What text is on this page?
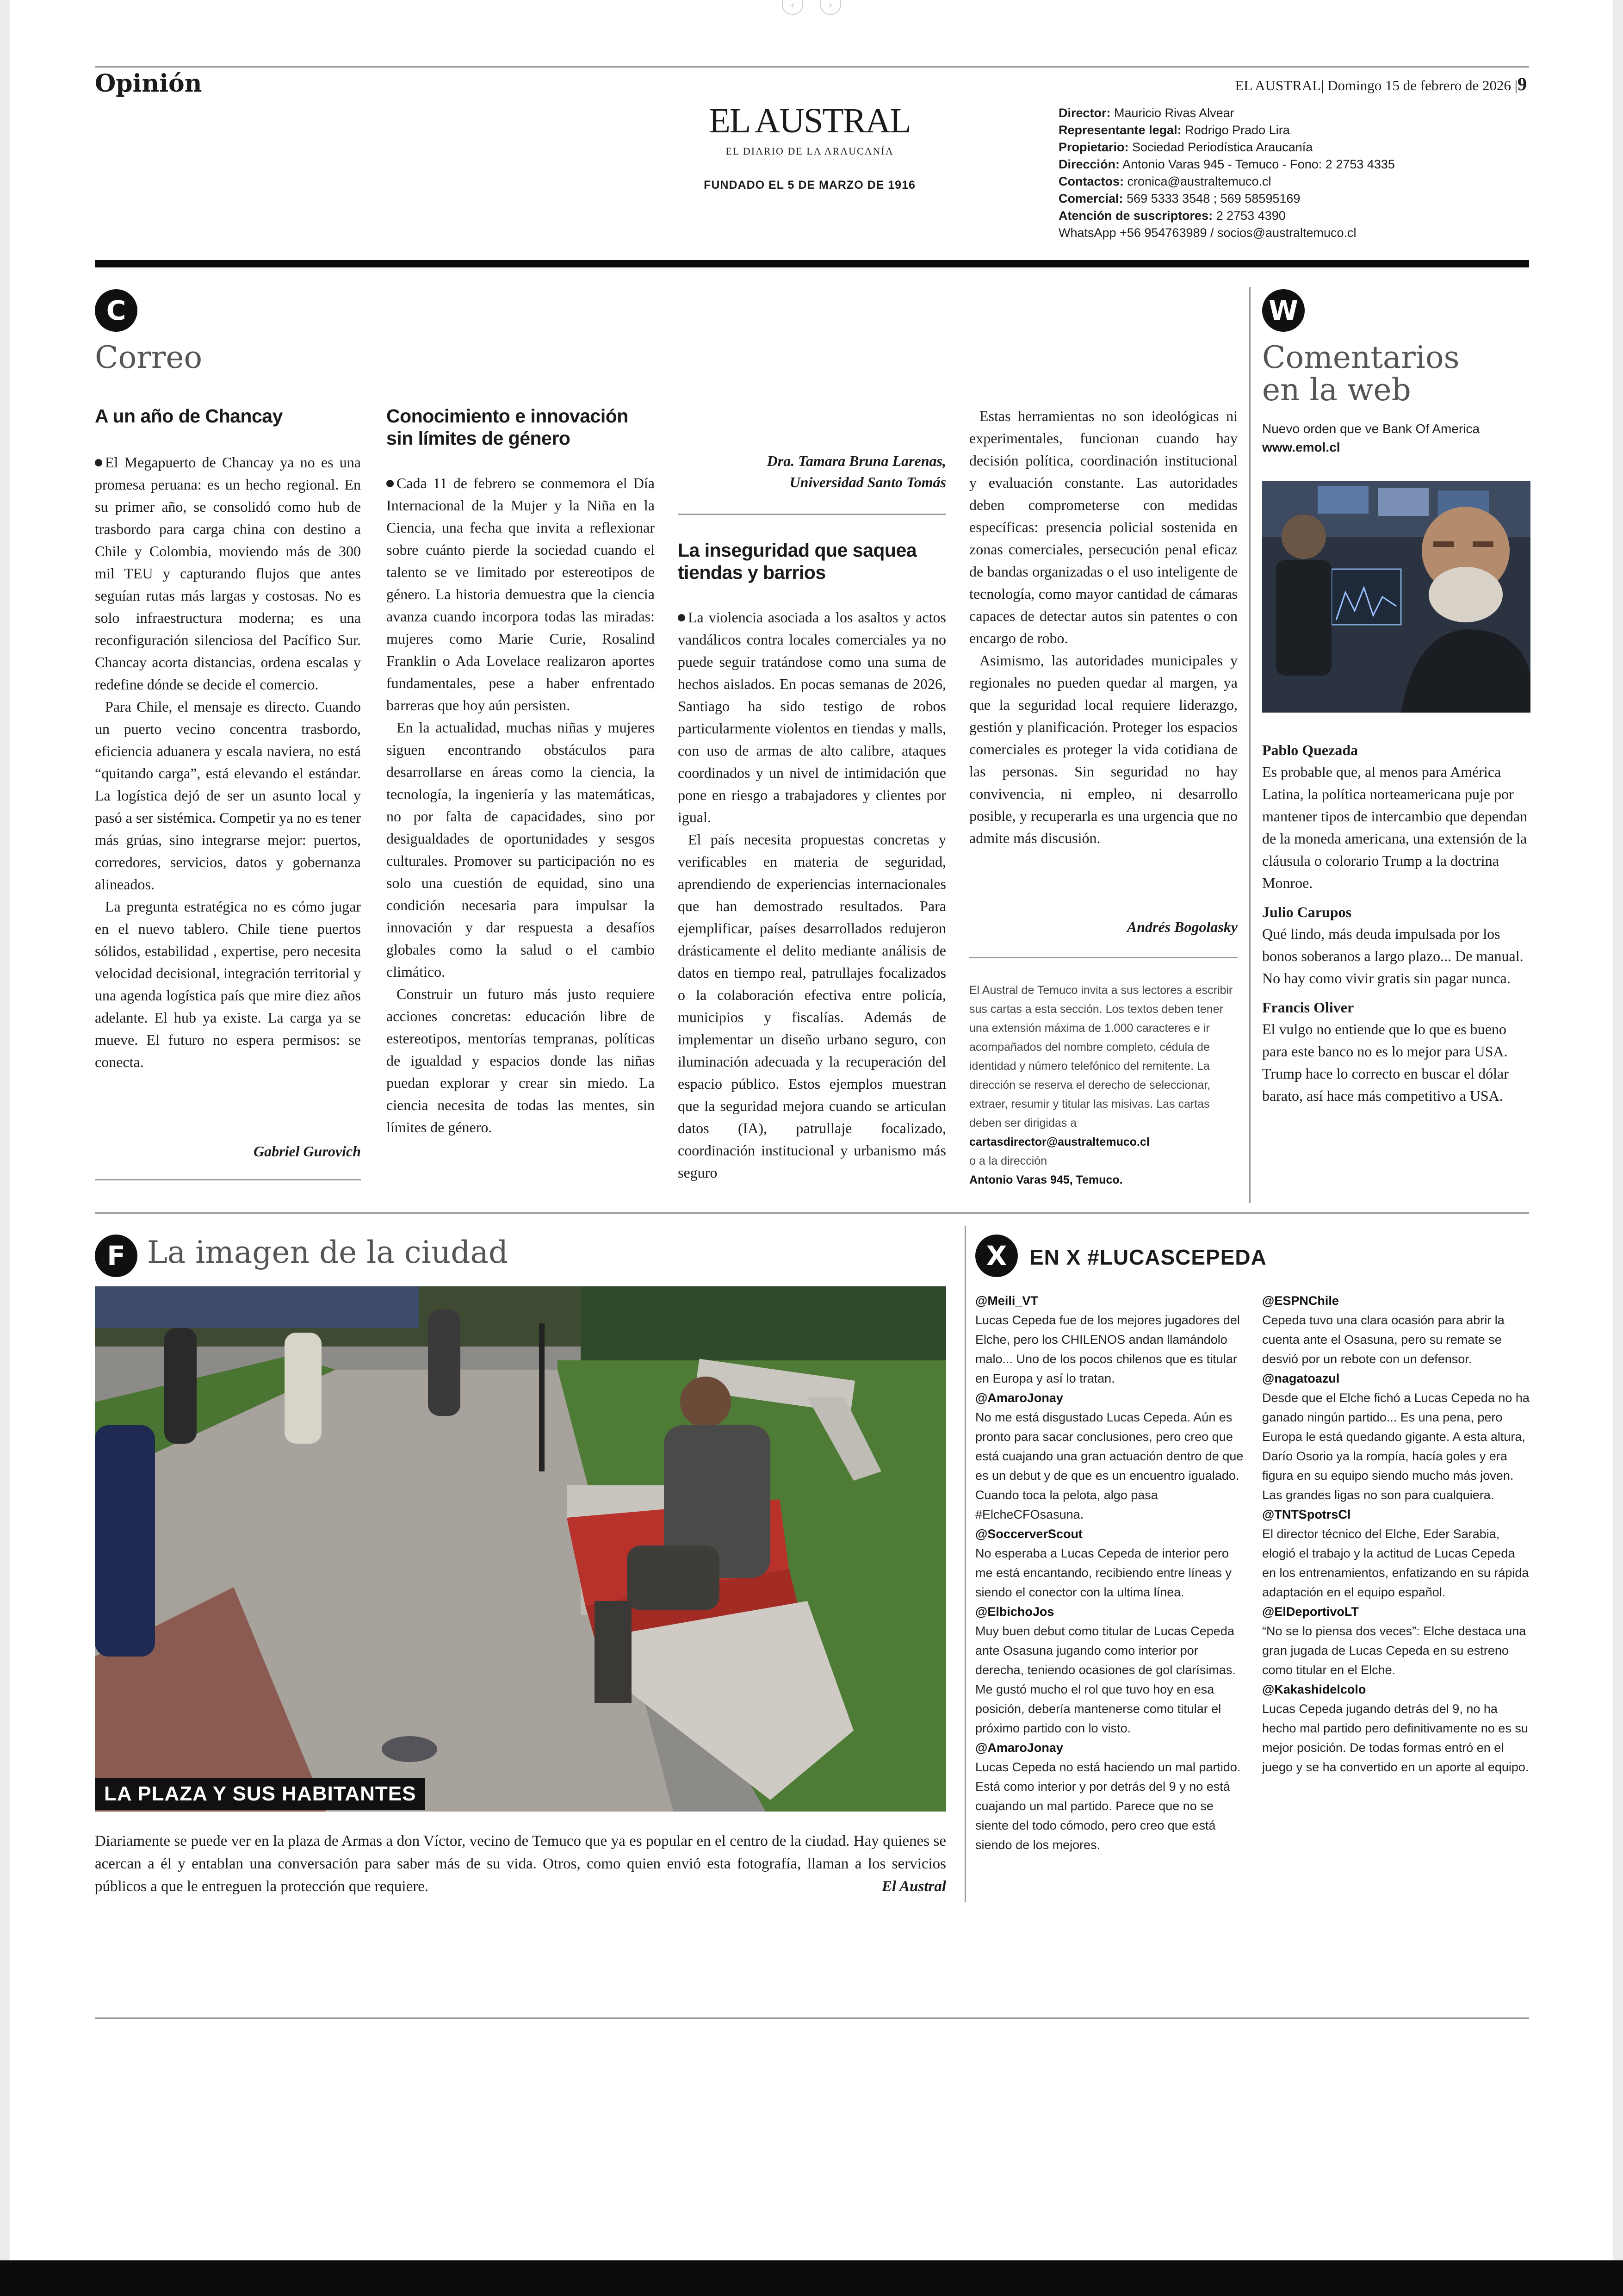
‹	›
Opinión
EL AUSTRAL
EL DIARIO DE LA ARAUCANÍA
FUNDADO EL 5 DE MARZO DE 1916
EL AUSTRAL| Domingo 15 de febrero de 2026 |9
Director: Mauricio Rivas Alvear
Representante legal: Rodrigo Prado Lira
Propietario: Sociedad Periodística Araucanía
Dirección: Antonio Varas 945 - Temuco - Fono: 2 2753 4335
Contactos: cronica@australtemuco.cl
Comercial: 569 5333 3548 ; 569 58595169
Atención de suscriptores: 2 2753 4390
WhatsApp +56 954763989 / socios@australtemuco.cl
C
Correo
A un año de Chancay

El Megapuerto de Chancay ya no es una promesa peruana: es un hecho regional. En su primer año, se consolidó como hub de trasbordo para carga china con destino a Chile y Colombia, moviendo más de 300 mil TEU y capturando flujos que antes seguían rutas más largas y costosas. No es solo infraestructura moderna; es una reconfiguración silenciosa del Pacífico Sur. Chancay acorta distancias, ordena escalas y redefine dónde se decide el comercio.

Para Chile, el mensaje es directo. Cuando un puerto vecino concentra trasbordo, eficiencia aduanera y escala naviera, no está “quitando carga”, está elevando el estándar. La logística dejó de ser un asunto local y pasó a ser sistémica. Competir ya no es tener más grúas, sino integrarse mejor: puertos, corredores, servicios, datos y gobernanza alineados.

La pregunta estratégica no es cómo jugar en el nuevo tablero. Chile tiene puertos sólidos, estabilidad , expertise, pero necesita velocidad decisional, integración territorial y una agenda logística país que mire diez años adelante. El hub ya existe. La carga ya se mueve. El futuro no espera permisos: se conecta.

Gabriel Gurovich
Conocimiento e innovación sin límites de género

Cada 11 de febrero se conmemora el Día Internacional de la Mujer y la Niña en la Ciencia, una fecha que invita a reflexionar sobre cuánto pierde la sociedad cuando el talento se ve limitado por estereotipos de género. La historia demuestra que la ciencia avanza cuando incorpora todas las miradas: mujeres como Marie Curie, Rosalind Franklin o Ada Lovelace realizaron aportes fundamentales, pese a haber enfrentado barreras que hoy aún persisten.

En la actualidad, muchas niñas y mujeres siguen encontrando obstáculos para desarrollarse en áreas como la ciencia, la tecnología, la ingeniería y las matemáticas, no por falta de capacidades, sino por desigualdades de oportunidades y sesgos culturales. Promover su participación no es solo una cuestión de equidad, sino una condición necesaria para impulsar la innovación y dar respuesta a desafíos globales como la salud o el cambio climático.

Construir un futuro más justo requiere acciones concretas: educación libre de estereotipos, mentorías tempranas, políticas de igualdad y espacios donde las niñas puedan explorar y crear sin miedo. La ciencia necesita de todas las mentes, sin límites de género.

Dra. Tamara Bruna Larenas,
Universidad Santo Tomás
La inseguridad que saquea tiendas y barrios

La violencia asociada a los asaltos y actos vandálicos contra locales comerciales ya no puede seguir tratándose como una suma de hechos aislados. En pocas semanas de 2026, Santiago ha sido testigo de robos particularmente violentos en tiendas y malls, con uso de armas de alto calibre, ataques coordinados y un nivel de intimidación que pone en riesgo a trabajadores y clientes por igual.

El país necesita propuestas concretas y verificables en materia de seguridad, aprendiendo de experiencias internacionales que han demostrado resultados. Para ejemplificar, países desarrollados redujeron drásticamente el delito mediante análisis de datos en tiempo real, patrullajes focalizados o la colaboración efectiva entre policía, municipios y fiscalías. Además de implementar un diseño urbano seguro, con iluminación adecuada y la recuperación del espacio público. Estos ejemplos muestran que la seguridad mejora cuando se articulan datos (IA), patrullaje focalizado, coordinación institucional y urbanismo más seguro

Estas herramientas no son ideológicas ni experimentales, funcionan cuando hay decisión política, coordinación institucional y evaluación constante. Las autoridades deben comprometerse con medidas específicas: presencia policial sostenida en zonas comerciales, persecución penal eficaz de bandas organizadas o el uso inteligente de tecnología, como mayor cantidad de cámaras capaces de detectar autos sin patentes o con encargo de robo.

Asimismo, las autoridades municipales y regionales no pueden quedar al margen, ya que la seguridad local requiere liderazgo, gestión y planificación. Proteger los espacios comerciales es proteger la vida cotidiana de las personas. Sin seguridad no hay convivencia, ni empleo, ni desarrollo posible, y recuperarla es una urgencia que no admite más discusión.

Andrés Bogolasky
El Austral de Temuco invita a sus lectores a escribir sus cartas a esta sección. Los textos deben tener una extensión máxima de 1.000 caracteres e ir acompañados del nombre completo, cédula de identidad y número telefónico del remitente. La dirección se reserva el derecho de seleccionar, extraer, resumir y titular las misivas. Las cartas deben ser dirigidas a
cartasdirector@australtemuco.cl
o a la dirección
Antonio Varas 945, Temuco.
W
Comentarios
en la web
Nuevo orden que ve Bank Of America
www.emol.cl
Pablo Quezada
Es probable que, al menos para América Latina, la política norteamericana puje por mantener tipos de intercambio que dependan de la moneda americana, una extensión de la cláusula o colorario Trump a la doctrina Monroe.
Julio Carupos
Qué lindo, más deuda impulsada por los bonos soberanos a largo plazo... De manual. No hay como vivir gratis sin pagar nunca.
Francis Oliver
El vulgo no entiende que lo que es bueno para este banco no es lo mejor para USA. Trump hace lo correcto en buscar el dólar barato, así hace más competitivo a USA.
F La imagen de la ciudad
LA PLAZA Y SUS HABITANTES
Diariamente se puede ver en la plaza de Armas a don Víctor, vecino de Temuco que ya es popular en el centro de la ciudad. Hay quienes se acercan a él y entablan una conversación para saber más de su vida. Otros, como quien envió esta fotografía, llaman a los servicios públicos a que le entreguen la protección que requiere.	El Austral
X	EN X #LUCASCEPEDA
@Meili_VT
Lucas Cepeda fue de los mejores jugadores del Elche, pero los CHILENOS andan llamándolo malo... Uno de los pocos chilenos que es titular en Europa y así lo tratan.
@AmaroJonay
No me está disgustado Lucas Cepeda. Aún es pronto para sacar conclusiones, pero creo que está cuajando una gran actuación dentro de que es un debut y de que es un encuentro igualado. Cuando toca la pelota, algo pasa #ElcheCFOsasuna.
@SoccerverScout
No esperaba a Lucas Cepeda de interior pero me está encantando, recibiendo entre líneas y siendo el conector con la ultima línea.
@ElbichoJos
Muy buen debut como titular de Lucas Cepeda ante Osasuna jugando como interior por derecha, teniendo ocasiones de gol clarísimas. Me gustó mucho el rol que tuvo hoy en esa posición, debería mantenerse como titular el próximo partido con lo visto.
@AmaroJonay
Lucas Cepeda no está haciendo un mal partido. Está como interior y por detrás del 9 y no está cuajando un mal partido. Parece que no se siente del todo cómodo, pero creo que está siendo de los mejores.
@ESPNChile
Cepeda tuvo una clara ocasión para abrir la cuenta ante el Osasuna, pero su remate se desvió por un rebote con un defensor.
@nagatoazul
Desde que el Elche fichó a Lucas Cepeda no ha ganado ningún partido... Es una pena, pero Europa le está quedando gigante. A esta altura, Darío Osorio ya la rompía, hacía goles y era figura en su equipo siendo mucho más joven. Las grandes ligas no son para cualquiera.
@TNTSpotrsCl
El director técnico del Elche, Eder Sarabia, elogió el trabajo y la actitud de Lucas Cepeda en los entrenamientos, enfatizando en su rápida adaptación en el equipo español.
@ElDeportivoLT
“No se lo piensa dos veces”: Elche destaca una gran jugada de Lucas Cepeda en su estreno como titular en el Elche.
@Kakashidelcolo
Lucas Cepeda jugando detrás del 9, no ha hecho mal partido pero definitivamente no es su mejor posición. De todas formas entró en el juego y se ha convertido en un aporte al equipo.
